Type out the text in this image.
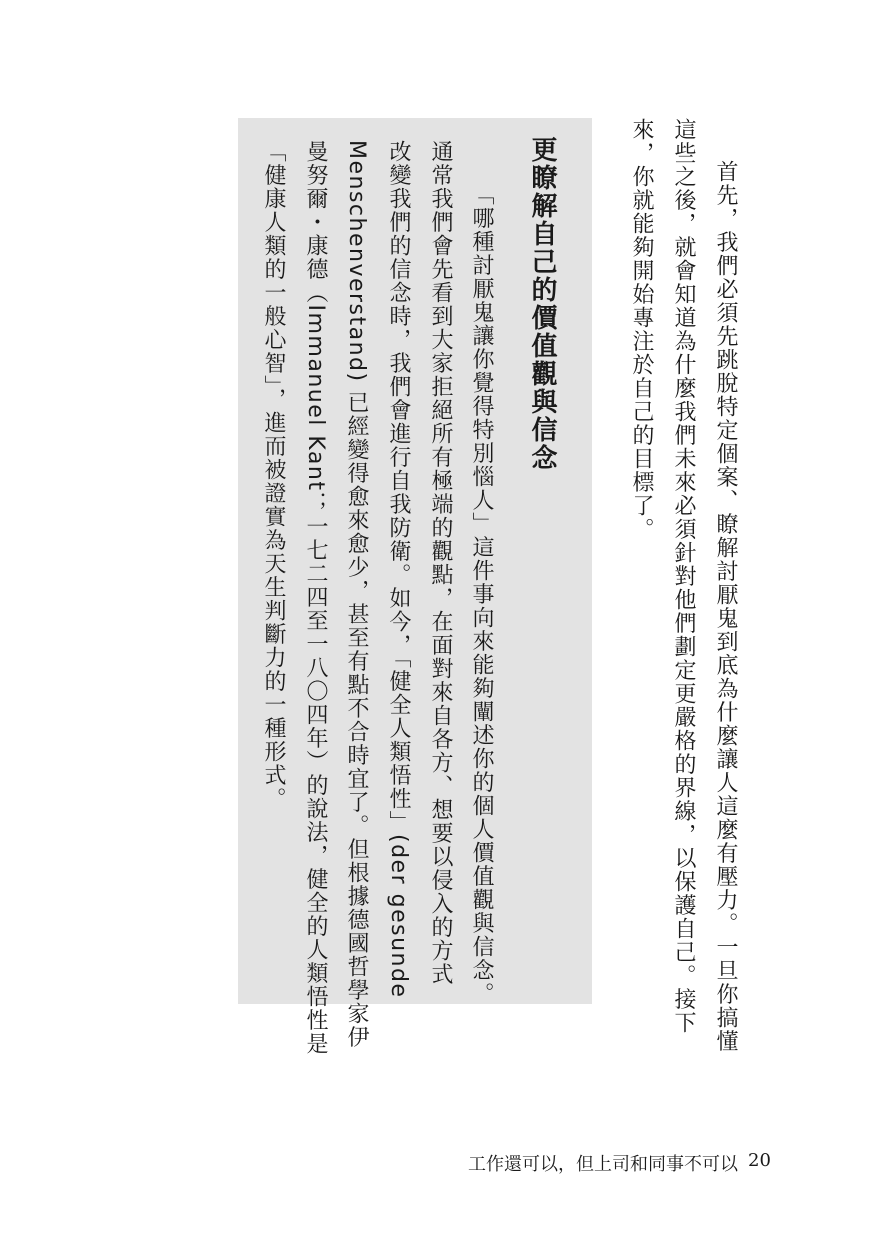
首先，我們必須先跳脫特定個案、瞭解討厭鬼到底為什麼讓人這麼有壓力。一旦你搞懂
這些之後，就會知道為什麼我們未來必須針對他們劃定更嚴格的界線，以保護自己。接下
來，你就能夠開始專注於自己的目標了。
更瞭解自己的價值觀與信念
「哪種討厭鬼讓你覺得特別惱人」這件事向來能夠闡述你的個人價值觀與信念。
通常我們會先看到大家拒絕所有極端的觀點，在面對來自各方、想要以侵入的方式
改變我們的信念時，我們會進行自我防衛。如今，「健全人類悟性」(der gesunde
Menschenverstand) 已經變得愈來愈少，甚至有點不合時宜了。但根據德國哲學家伊
曼努爾・康德（Immanuel Kant；一七二四至一八〇四年）的說法，健全的人類悟性是
「健康人類的一般心智」，進而被證實為天生判斷力的一種形式。
工作還可以，但上司和同事不可以 20
